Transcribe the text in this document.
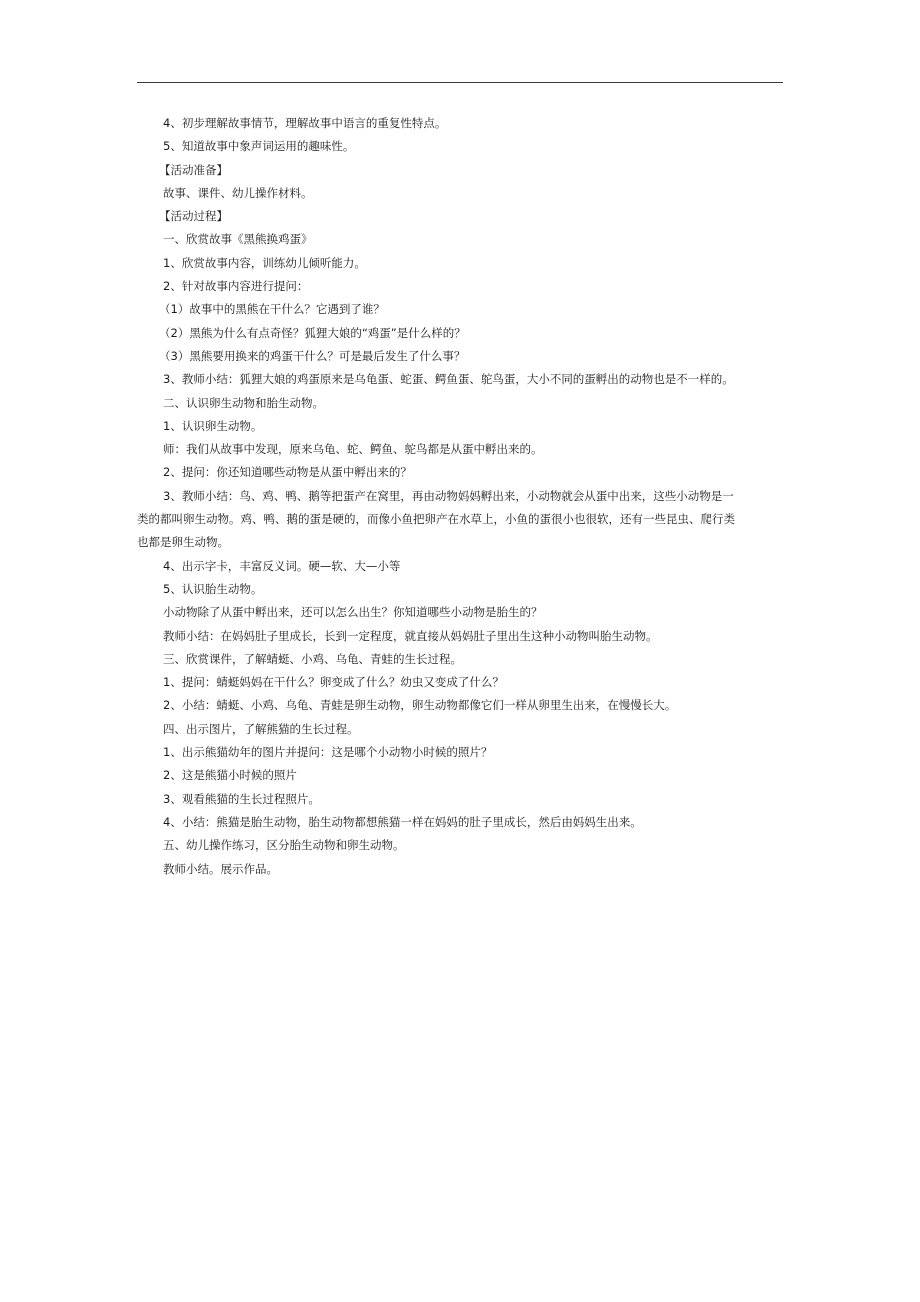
4、初步理解故事情节，理解故事中语言的重复性特点。
5、知道故事中象声词运用的趣味性。
【活动准备】
故事、课件、幼儿操作材料。
【活动过程】
一、欣赏故事《黑熊换鸡蛋》
1、欣赏故事内容，训练幼儿倾听能力。
2、针对故事内容进行提问：
（1）故事中的黑熊在干什么？它遇到了谁？
（2）黑熊为什么有点奇怪？狐狸大娘的“鸡蛋”是什么样的？
（3）黑熊要用换来的鸡蛋干什么？可是最后发生了什么事？
3、教师小结：狐狸大娘的鸡蛋原来是乌龟蛋、蛇蛋、鳄鱼蛋、鸵鸟蛋，大小不同的蛋孵出的动物也是不一样的。
二、认识卵生动物和胎生动物。
1、认识卵生动物。
师：我们从故事中发现，原来乌龟、蛇、鳄鱼、鸵鸟都是从蛋中孵出来的。
2、提问：你还知道哪些动物是从蛋中孵出来的？
3、教师小结：鸟、鸡、鸭、鹅等把蛋产在窝里，再由动物妈妈孵出来，小动物就会从蛋中出来，这些小动物是一
类的都叫卵生动物。鸡、鸭、鹅的蛋是硬的，而像小鱼把卵产在水草上，小鱼的蛋很小也很软，还有一些昆虫、爬行类
也都是卵生动物。
4、出示字卡，丰富反义词。硬—软、大—小等
5、认识胎生动物。
小动物除了从蛋中孵出来，还可以怎么出生？你知道哪些小动物是胎生的？
教师小结：在妈妈肚子里成长，长到一定程度，就直接从妈妈肚子里出生这种小动物叫胎生动物。
三、欣赏课件，了解蜻蜓、小鸡、乌龟、青蛙的生长过程。
1、提问：蜻蜓妈妈在干什么？卵变成了什么？幼虫又变成了什么？
2、小结：蜻蜓、小鸡、乌龟、青蛙是卵生动物，卵生动物都像它们一样从卵里生出来，在慢慢长大。
四、出示图片，了解熊猫的生长过程。
1、出示熊猫幼年的图片并提问：这是哪个小动物小时候的照片？
2、这是熊猫小时候的照片
3、观看熊猫的生长过程照片。
4、小结：熊猫是胎生动物，胎生动物都想熊猫一样在妈妈的肚子里成长，然后由妈妈生出来。
五、幼儿操作练习，区分胎生动物和卵生动物。
教师小结。展示作品。
